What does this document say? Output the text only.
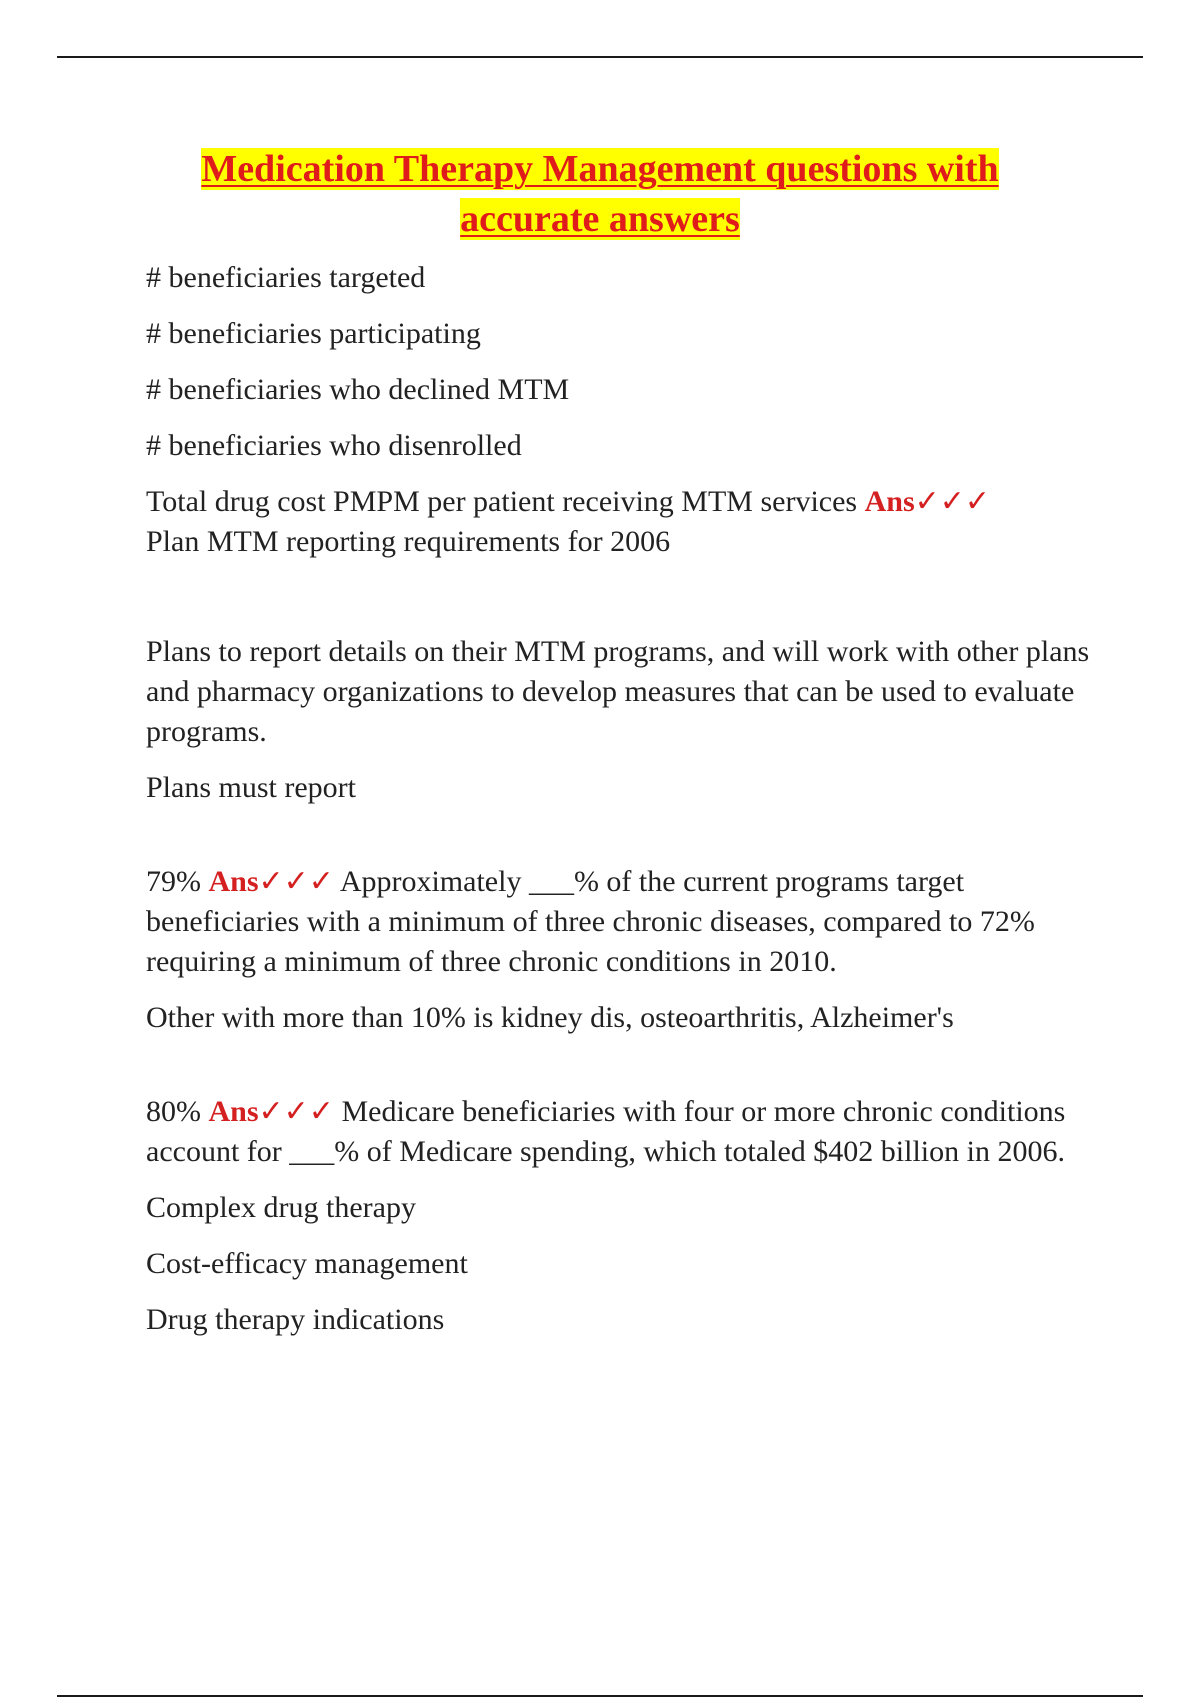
Medication Therapy Management questions with
accurate answers

# beneficiaries targeted

# beneficiaries participating

# beneficiaries who declined MTM

# beneficiaries who disenrolled

Total drug cost PMPM per patient receiving MTM services Ans✓✓✓
Plan MTM reporting requirements for 2006

Plans to report details on their MTM programs, and will work with other plans and pharmacy organizations to develop measures that can be used to evaluate programs.

Plans must report

79% Ans✓✓✓ Approximately ___% of the current programs target beneficiaries with a minimum of three chronic diseases, compared to 72% requiring a minimum of three chronic conditions in 2010.

Other with more than 10% is kidney dis, osteoarthritis, Alzheimer's

80% Ans✓✓✓ Medicare beneficiaries with four or more chronic conditions account for ___% of Medicare spending, which totaled $402 billion in 2006.

Complex drug therapy

Cost-efficacy management

Drug therapy indications
